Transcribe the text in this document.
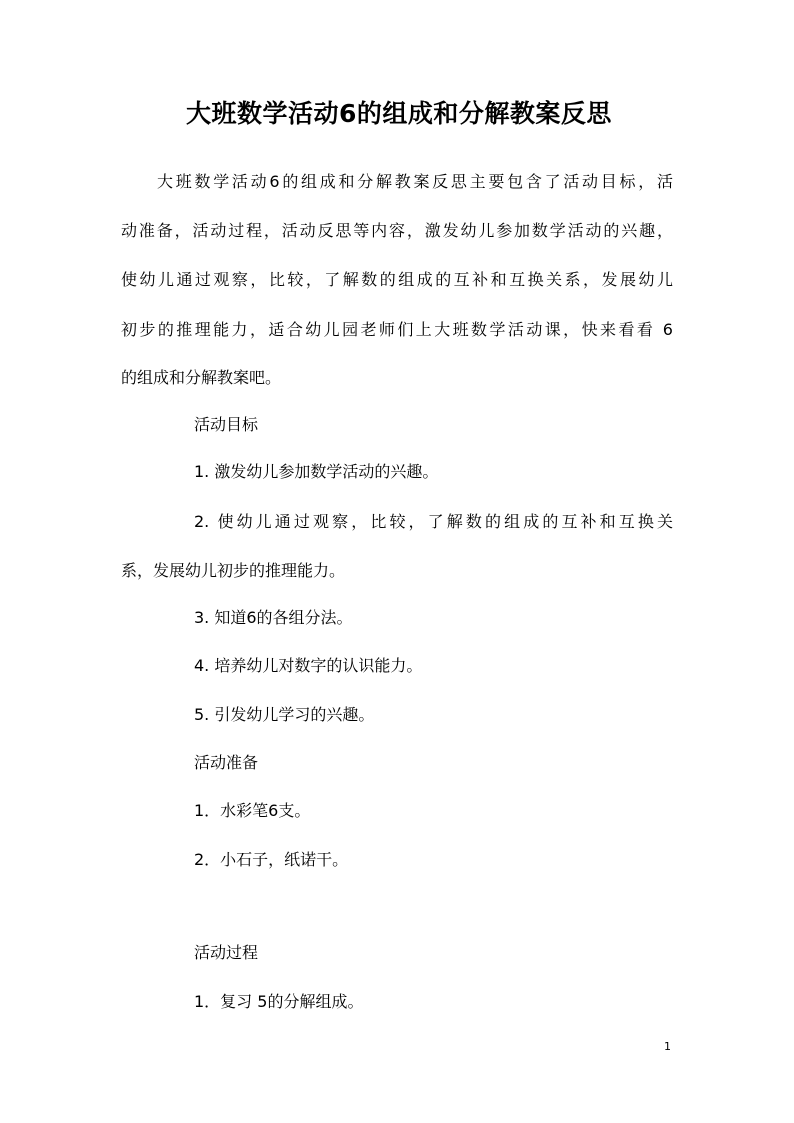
大班数学活动6的组成和分解教案反思
大班数学活动6的组成和分解教案反思主要包含了活动目标，活
动准备，活动过程，活动反思等内容，激发幼儿参加数学活动的兴趣，
使幼儿通过观察，比较，了解数的组成的互补和互换关系，发展幼儿
初步的推理能力，适合幼儿园老师们上大班数学活动课，快来看看 6
的组成和分解教案吧。
活动目标
1. 激发幼儿参加数学活动的兴趣。
2. 使幼儿通过观察，比较，了解数的组成的互补和互换关
系，发展幼儿初步的推理能力。
3. 知道6的各组分法。
4. 培养幼儿对数字的认识能力。
5. 引发幼儿学习的兴趣。
活动准备
1．水彩笔6支。
2．小石子，纸诺干。
活动过程
1．复习 5的分解组成。
1
